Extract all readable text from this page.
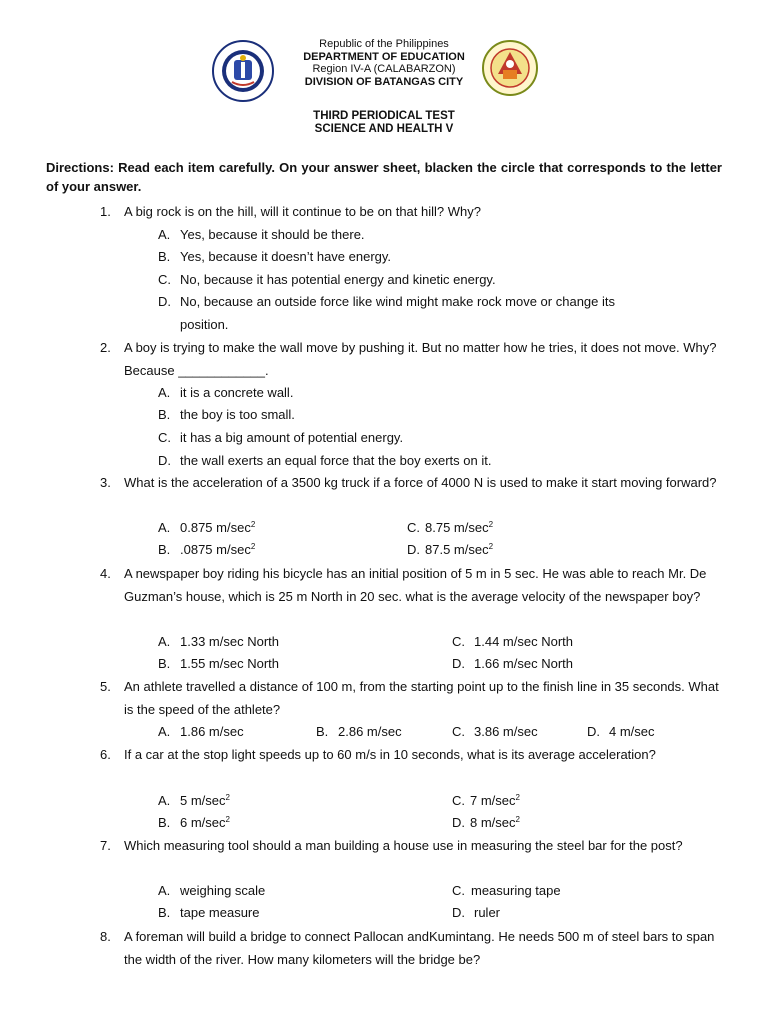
Republic of the Philippines
DEPARTMENT OF EDUCATION
Region IV-A (CALABARZON)
DIVISION OF BATANGAS CITY
THIRD PERIODICAL TEST
SCIENCE AND HEALTH V
Directions: Read each item carefully. On your answer sheet, blacken the circle that corresponds to the letter of your answer.
1. A big rock is on the hill, will it continue to be on that hill? Why?
A. Yes, because it should be there.
B. Yes, because it doesn’t have energy.
C. No, because it has potential energy and kinetic energy.
D. No, because an outside force like wind might make rock move or change its
position.
2. A boy is trying to make the wall move by pushing it. But no matter how he tries, it does not move. Why? Because ____________.
A. it is a concrete wall.
B. the boy is too small.
C. it has a big amount of potential energy.
D. the wall exerts an equal force that the boy exerts on it.
3. What is the acceleration of a 3500 kg truck if a force of 4000 N is used to make it start moving forward?
A. 0.875 $m/\sec^2$	C. 8.75 $m/\sec^2$
B. .0875 $m/\sec^2$	D. 87.5 $m/\sec^2$
4. A newspaper boy riding his bicycle has an initial position of 5 m in 5 sec. He was able to reach Mr. De Guzman’s house, which is 25 m North in 20 sec. what is the average velocity of the newspaper boy?
A. 1.33 m/sec North	C. 1.44 m/sec North
B. 1.55 m/sec North	D. 1.66 m/sec North
5. An athlete travelled a distance of 100 m, from the starting point up to the finish line in 35 seconds. What is the speed of the athlete?
A. 1.86 m/sec	B. 2.86 m/sec	C. 3.86 m/sec	D. 4 m/sec
6. If a car at the stop light speeds up to 60 m/s in 10 seconds, what is its average acceleration?
A. 5 $m/\sec^2$	C. 7 $m/\sec^2$
B. 6 $m/\sec^2$	D. 8 $m/\sec^2$
7. Which measuring tool should a man building a house use in measuring the steel bar for the post?
A. weighing scale	C. measuring tape
B. tape measure	D. ruler
8. A foreman will build a bridge to connect Pallocan andKumintang. He needs 500 m of steel bars to span the width of the river. How many kilometers will the bridge be?
